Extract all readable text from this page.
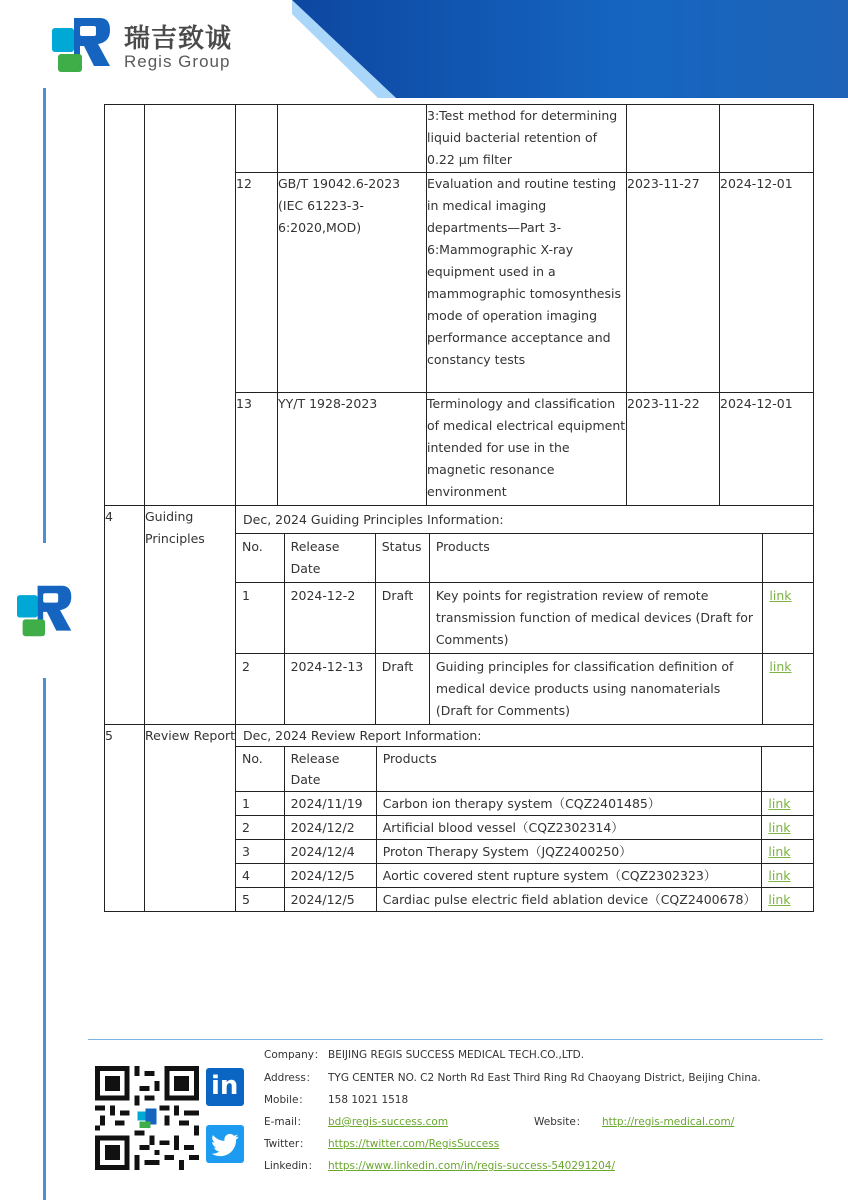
瑞吉致诚
Regis Group
				3:Test method for determining liquid bacterial retention of 0.22 μm filter		
12	GB/T 19042.6-2023 (IEC 61223-3-6:2020,MOD)	Evaluation and routine testing in medical imaging departments—Part 3-6:Mammographic X-ray equipment used in a mammographic tomosynthesis mode of operation imaging performance acceptance and constancy tests	2023-11-27	2024-12-01
13	YY/T 1928-2023	Terminology and classification of medical electrical equipment intended for use in the magnetic resonance environment	2023-11-22	2024-12-01
4	Guiding Principles	
Dec, 2024 Guiding Principles Information:
No.	Release Date	Status	Products	
1	2024-12-2	Draft	Key points for registration review of remote transmission function of medical devices (Draft for Comments)	link
2	2024-12-13	Draft	Guiding principles for classification definition of medical device products using nanomaterials (Draft for Comments)	link

5	Review Report	Dec, 2024 Review Report Information:
No.	Release Date	Products	
1	2024/11/19	Carbon ion therapy system（CQZ2401485）	link
2	2024/12/2	Artificial blood vessel（CQZ2302314）	link
3	2024/12/4	Proton Therapy System（JQZ2400250）	link
4	2024/12/5	Aortic covered stent rupture system（CQZ2302323）	link
5	2024/12/5	Cardiac pulse electric field ablation device（CQZ2400678）	link
in
Company： BEIJING REGIS SUCCESS MEDICAL TECH.CO.,LTD.
Address： TYG CENTER NO. C2 North Rd East Third Ring Rd Chaoyang District, Beijing China.
Mobile： 158 1021 1518
E-mail： bd@regis-success.com	Website： http://regis-medical.com/
Twitter： https://twitter.com/RegisSuccess
Linkedin： https://www.linkedin.com/in/regis-success-540291204/
